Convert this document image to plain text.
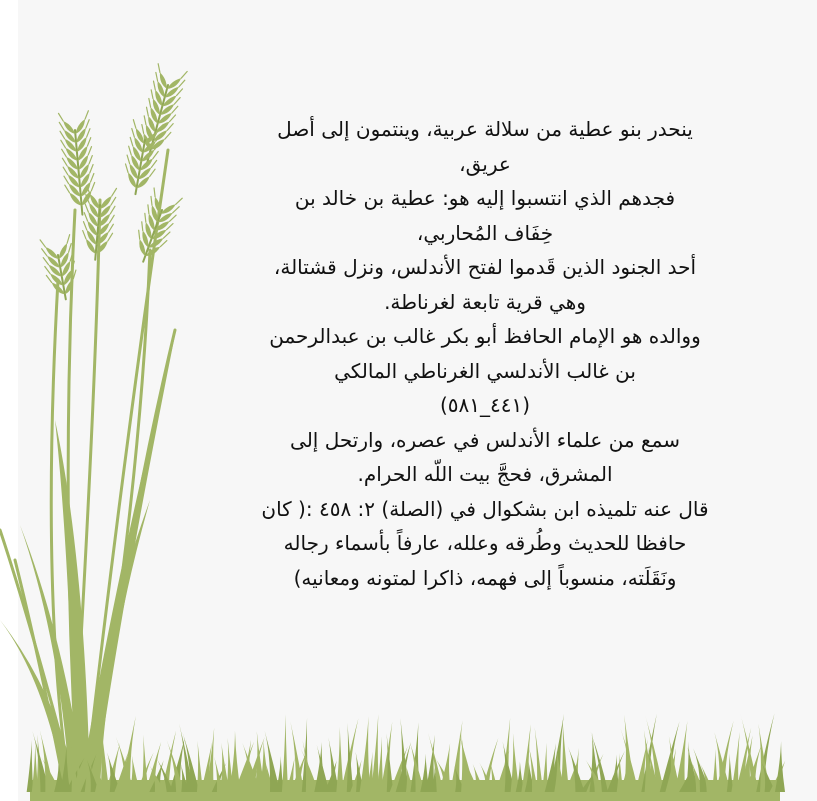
ينحدر بنو عطية من سلالة عربية، وينتمون إلى أصل
عريق،
فجدهم الذي انتسبوا إليه هو: عطية بن خالد بن
خِفَاف المُحاربي،
أحد الجنود الذين قَدموا لفتح الأندلس، ونزل قشتالة،
وهي قرية تابعة لغرناطة.
ووالده هو الإمام الحافظ أبو بكر غالب بن عبدالرحمن
بن غالب الأندلسي الغرناطي المالكي
(٤٤١_٥٨١)
سمع من علماء الأندلس في عصره، وارتحل إلى
المشرق، فحجَّ بيت اللّه الحرام.
قال عنه تلميذه ابن بشكوال في (الصلة) ٢: ٤٥٨ :( كان
حافظا للحديث وطُرقه وعلله، عارفاً بأسماء رجاله
ونَقَلَته، منسوباً إلى فهمه، ذاكرا لمتونه ومعانيه)
